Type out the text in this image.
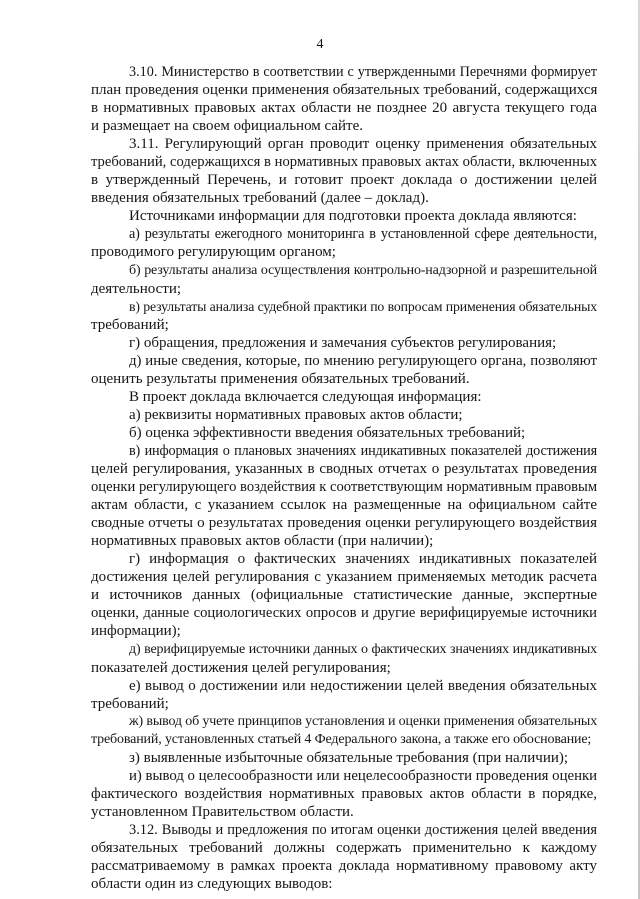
4
3.10. Министерство в соответствии с утвержденными Перечнями формирует
план проведения оценки применения обязательных требований, содержащихся
в нормативных правовых актах области не позднее 20 августа текущего года
и размещает на своем официальном сайте.
3.11. Регулирующий орган проводит оценку применения обязательных
требований, содержащихся в нормативных правовых актах области, включенных
в утвержденный Перечень, и готовит проект доклада о достижении целей
введения обязательных требований (далее – доклад).
Источниками информации для подготовки проекта доклада являются:
а) результаты ежегодного мониторинга в установленной сфере деятельности,
проводимого регулирующим органом;
б) результаты анализа осуществления контрольно-надзорной и разрешительной
деятельности;
в) результаты анализа судебной практики по вопросам применения обязательных
требований;
г) обращения, предложения и замечания субъектов регулирования;
д) иные сведения, которые, по мнению регулирующего органа, позволяют
оценить результаты применения обязательных требований.
В проект доклада включается следующая информация:
а) реквизиты нормативных правовых актов области;
б) оценка эффективности введения обязательных требований;
в) информация о плановых значениях индикативных показателей достижения
целей регулирования, указанных в сводных отчетах о результатах проведения
оценки регулирующего воздействия к соответствующим нормативным правовым
актам области, с указанием ссылок на размещенные на официальном сайте
сводные отчеты о результатах проведения оценки регулирующего воздействия
нормативных правовых актов области (при наличии);
г) информация о фактических значениях индикативных показателей
достижения целей регулирования с указанием применяемых методик расчета
и источников данных (официальные статистические данные, экспертные
оценки, данные социологических опросов и другие верифицируемые источники
информации);
д) верифицируемые источники данных о фактических значениях индикативных
показателей достижения целей регулирования;
е) вывод о достижении или недостижении целей введения обязательных
требований;
ж) вывод об учете принципов установления и оценки применения обязательных
требований, установленных статьей 4 Федерального закона, а также его обоснование;
з) выявленные избыточные обязательные требования (при наличии);
и) вывод о целесообразности или нецелесообразности проведения оценки
фактического воздействия нормативных правовых актов области в порядке,
установленном Правительством области.
3.12. Выводы и предложения по итогам оценки достижения целей введения
обязательных требований должны содержать применительно к каждому
рассматриваемому в рамках проекта доклада нормативному правовому акту
области один из следующих выводов:
